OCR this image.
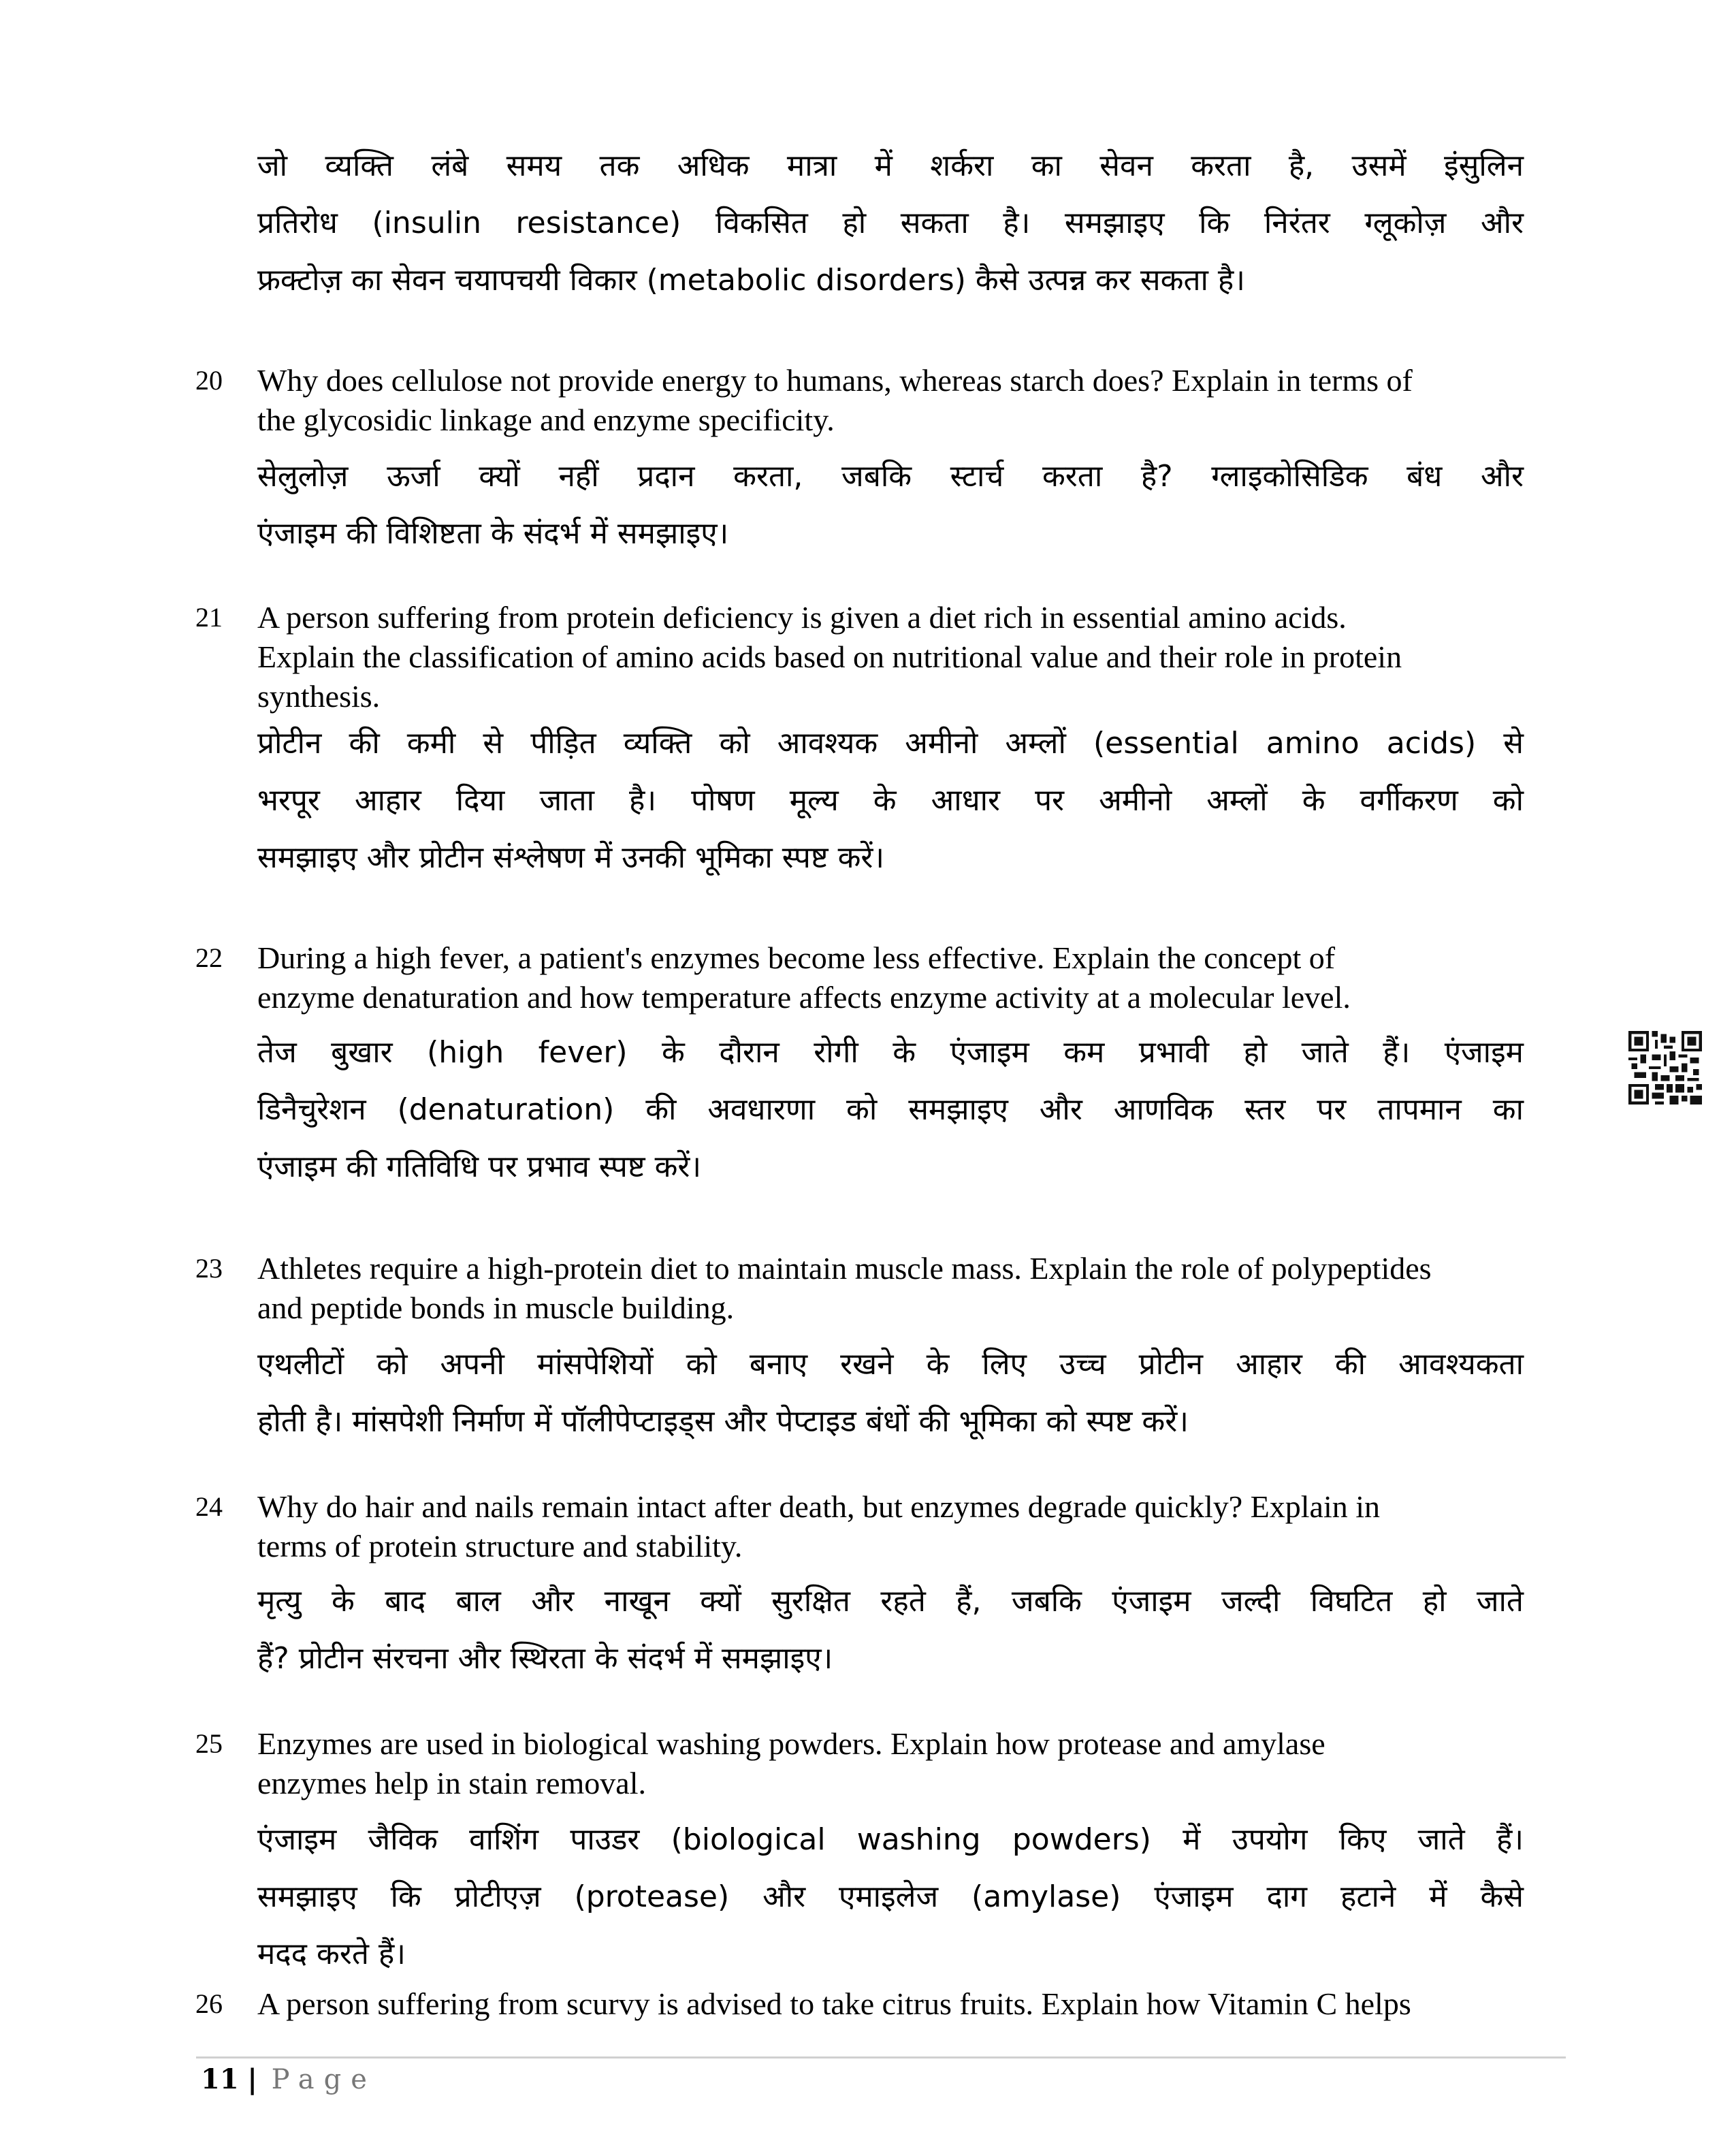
जो व्यक्ति लंबे समय तक अधिक मात्रा में शर्करा का सेवन करता है, उसमें इंसुलिन
प्रतिरोध (insulin resistance) विकसित हो सकता है। समझाइए कि निरंतर ग्लूकोज़ और
फ्रक्टोज़ का सेवन चयापचयी विकार (metabolic disorders) कैसे उत्पन्न कर सकता है।
20 Why does cellulose not provide energy to humans, whereas starch does? Explain in terms of
the glycosidic linkage and enzyme specificity.
सेलुलोज़ ऊर्जा क्यों नहीं प्रदान करता, जबकि स्टार्च करता है? ग्लाइकोसिडिक बंध और
एंजाइम की विशिष्टता के संदर्भ में समझाइए।
21 A person suffering from protein deficiency is given a diet rich in essential amino acids.
Explain the classification of amino acids based on nutritional value and their role in protein
synthesis.
प्रोटीन की कमी से पीड़ित व्यक्ति को आवश्यक अमीनो अम्लों (essential amino acids) से
भरपूर आहार दिया जाता है। पोषण मूल्य के आधार पर अमीनो अम्लों के वर्गीकरण को
समझाइए और प्रोटीन संश्लेषण में उनकी भूमिका स्पष्ट करें।
22 During a high fever, a patient's enzymes become less effective. Explain the concept of
enzyme denaturation and how temperature affects enzyme activity at a molecular level.
तेज बुखार (high fever) के दौरान रोगी के एंजाइम कम प्रभावी हो जाते हैं। एंजाइम
डिनैचुरेशन (denaturation) की अवधारणा को समझाइए और आणविक स्तर पर तापमान का
एंजाइम की गतिविधि पर प्रभाव स्पष्ट करें।
23 Athletes require a high-protein diet to maintain muscle mass. Explain the role of polypeptides
and peptide bonds in muscle building.
एथलीटों को अपनी मांसपेशियों को बनाए रखने के लिए उच्च प्रोटीन आहार की आवश्यकता
होती है। मांसपेशी निर्माण में पॉलीपेप्टाइड्स और पेप्टाइड बंधों की भूमिका को स्पष्ट करें।
24 Why do hair and nails remain intact after death, but enzymes degrade quickly? Explain in
terms of protein structure and stability.
मृत्यु के बाद बाल और नाखून क्यों सुरक्षित रहते हैं, जबकि एंजाइम जल्दी विघटित हो जाते
हैं? प्रोटीन संरचना और स्थिरता के संदर्भ में समझाइए।
25 Enzymes are used in biological washing powders. Explain how protease and amylase
enzymes help in stain removal.
एंजाइम जैविक वाशिंग पाउडर (biological washing powders) में उपयोग किए जाते हैं।
समझाइए कि प्रोटीएज़ (protease) और एमाइलेज (amylase) एंजाइम दाग हटाने में कैसे
मदद करते हैं।
26 A person suffering from scurvy is advised to take citrus fruits. Explain how Vitamin C helps
11 | Page
